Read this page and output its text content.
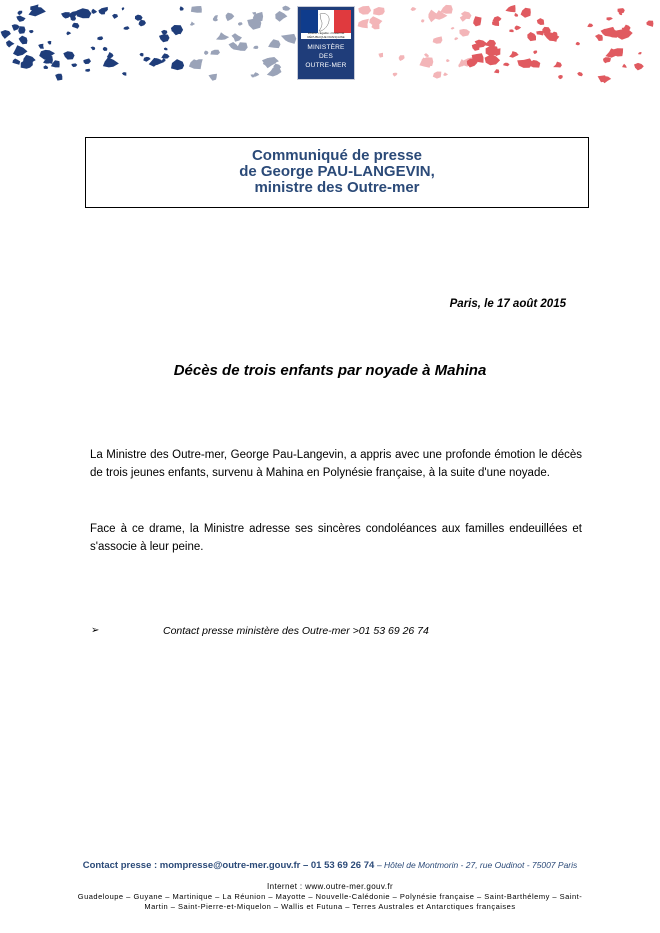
Liberté • Égalité • Fraternité
RÉPUBLIQUE FRANÇAISE
MINISTÈRE
DES
OUTRE-MER
Communiqué de presse
de George PAU-LANGEVIN,
ministre des Outre-mer
Paris, le 17 août 2015
Décès de trois enfants par noyade à Mahina
La Ministre des Outre-mer, George Pau-Langevin, a appris avec une profonde émotion le décès de trois jeunes enfants, survenu à Mahina en Polynésie française, à la suite d'une noyade.
Face à ce drame, la Ministre adresse ses sincères condoléances aux familles endeuillées et s'associe à leur peine.
➢	Contact presse ministère des Outre-mer >01 53 69 26 74
Contact presse : mompresse@outre-mer.gouv.fr – 01 53 69 26 74 – Hôtel de Montmorin - 27, rue Oudinot - 75007 Paris
Internet : www.outre-mer.gouv.fr
Guadeloupe – Guyane – Martinique – La Réunion – Mayotte – Nouvelle-Calédonie – Polynésie française – Saint-Barthélemy – Saint-Martin – Saint-Pierre-et-Miquelon – Wallis et Futuna – Terres Australes et Antarctiques françaises
